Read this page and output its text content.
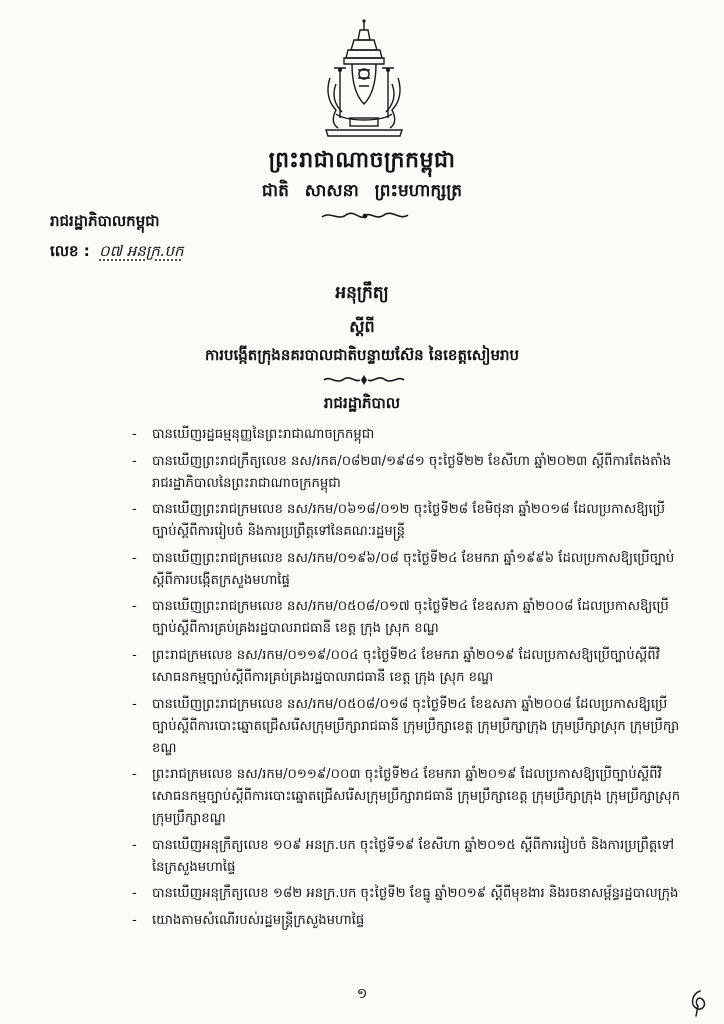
ព្រះរាជាណាចក្រកម្ពុជា
ជាតិ សាសនា ព្រះមហាក្សត្រ
រាជរដ្ឋាភិបាលកម្ពុជា
លេខ : ០៧ អនក្រ.បក
អនុក្រឹត្យ
ស្ដីពី
ការបង្កើតក្រុងនគរបាលជាតិបន្ទាយស៊ែន នៃខេត្តសៀមរាប
រាជរដ្ឋាភិបាល
- បានឃើញរដ្ឋធម្មនុញ្ញនៃព្រះរាជាណាចក្រកម្ពុជា
- បានឃើញព្រះរាជក្រឹត្យលេខ នស/រកត/០៨២៣/១៩៨១ ចុះថ្ងៃទី២២ ខែសីហា ឆ្នាំ២០២៣ ស្ដីពីការតែងតាំងរាជរដ្ឋាភិបាលនៃព្រះរាជាណាចក្រកម្ពុជា
- បានឃើញព្រះរាជក្រមលេខ នស/រកម/០៦១៨/០១២ ចុះថ្ងៃទី២៨ ខែមិថុនា ឆ្នាំ២០១៨ ដែលប្រកាសឱ្យប្រើច្បាប់ស្ដីពីការរៀបចំ និងការប្រព្រឹត្តទៅនៃគណៈរដ្ឋមន្ត្រី
- បានឃើញព្រះរាជក្រមលេខ នស/រកម/០១៩៦/០៨ ចុះថ្ងៃទី២៤ ខែមករា ឆ្នាំ១៩៩៦ ដែលប្រកាសឱ្យប្រើច្បាប់ស្ដីពីការបង្កើតក្រសួងមហាផ្ទៃ
- បានឃើញព្រះរាជក្រមលេខ នស/រកម/០៥០៨/០១៧ ចុះថ្ងៃទី២៤ ខែឧសភា ឆ្នាំ២០០៨ ដែលប្រកាសឱ្យប្រើច្បាប់ស្ដីពីការគ្រប់គ្រងរដ្ឋបាលរាជធានី ខេត្ត ក្រុង ស្រុក ខណ្ឌ
- ព្រះរាជក្រមលេខ នស/រកម/០១១៩/០០៤ ចុះថ្ងៃទី២៤ ខែមករា ឆ្នាំ២០១៩ ដែលប្រកាសឱ្យប្រើច្បាប់ស្ដីពីវិសោធនកម្មច្បាប់ស្ដីពីការគ្រប់គ្រងរដ្ឋបាលរាជធានី ខេត្ត ក្រុង ស្រុក ខណ្ឌ
- បានឃើញព្រះរាជក្រមលេខ នស/រកម/០៥០៨/០១៨ ចុះថ្ងៃទី២៤ ខែឧសភា ឆ្នាំ២០០៨ ដែលប្រកាសឱ្យប្រើច្បាប់ស្ដីពីការបោះឆ្នោតជ្រើសរើសក្រុមប្រឹក្សារាជធានី ក្រុមប្រឹក្សាខេត្ត ក្រុមប្រឹក្សាក្រុង ក្រុមប្រឹក្សាស្រុក ក្រុមប្រឹក្សាខណ្ឌ
- ព្រះរាជក្រមលេខ នស/រកម/០១១៩/០០៣ ចុះថ្ងៃទី២៤ ខែមករា ឆ្នាំ២០១៩ ដែលប្រកាសឱ្យប្រើច្បាប់ស្ដីពីវិសោធនកម្មច្បាប់ស្ដីពីការបោះឆ្នោតជ្រើសរើសក្រុមប្រឹក្សារាជធានី ក្រុមប្រឹក្សាខេត្ត ក្រុមប្រឹក្សាក្រុង ក្រុមប្រឹក្សាស្រុក ក្រុមប្រឹក្សាខណ្ឌ
- បានឃើញអនុក្រឹត្យលេខ ១០៩ អនក្រ.បក ចុះថ្ងៃទី១៩ ខែសីហា ឆ្នាំ២០១៥ ស្ដីពីការរៀបចំ និងការប្រព្រឹត្តទៅនៃក្រសួងមហាផ្ទៃ
- បានឃើញអនុក្រឹត្យលេខ ១៨២ អនក្រ.បក ចុះថ្ងៃទី២ ខែធ្នូ ឆ្នាំ២០១៩ ស្ដីពីមុខងារ និងរចនាសម្ព័ន្ធរដ្ឋបាលក្រុង
- យោងតាមសំណើរបស់រដ្ឋមន្ត្រីក្រសួងមហាផ្ទៃ
១
